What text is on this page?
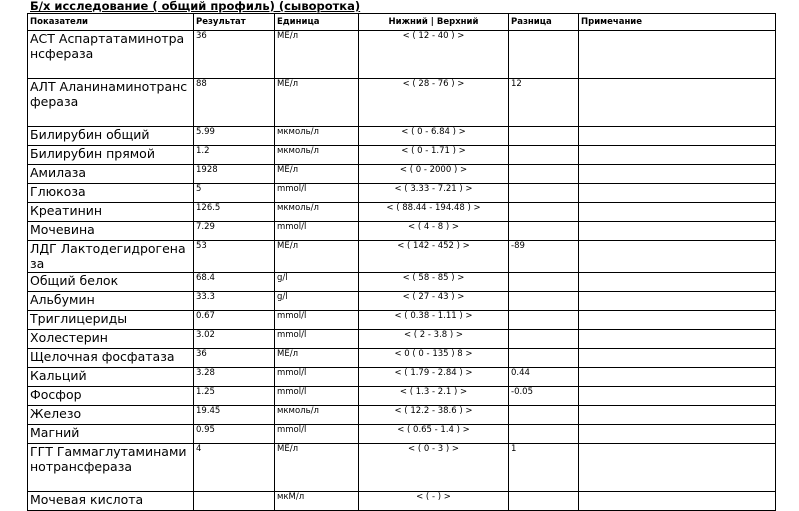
Б/х исследование ( общий профиль) (сыворотка)
Показатели	Результат	Единица	Нижний | Верхний	Разница	Примечание
АСТ Аспартатаминотрансфераза	36	МЕ/л	< ( 12 - 40 ) >		
АЛТ Аланинаминотрансфераза	88	МЕ/л	< ( 28 - 76 ) >	12	
Билирубин общий	5.99	мкмоль/л	< ( 0 - 6.84 ) >		
Билирубин прямой	1.2	мкмоль/л	< ( 0 - 1.71 ) >		
Амилаза	1928	МЕ/л	< ( 0 - 2000 ) >		
Глюкоза	5	mmol/l	< ( 3.33 - 7.21 ) >		
Креатинин	126.5	мкмоль/л	< ( 88.44 - 194.48 ) >		
Мочевина	7.29	mmol/l	< ( 4 - 8 ) >		
ЛДГ Лактодегидрогеназа	53	МЕ/л	< ( 142 - 452 ) >	-89	
Общий белок	68.4	g/l	< ( 58 - 85 ) >		
Альбумин	33.3	g/l	< ( 27 - 43 ) >		
Триглицериды	0.67	mmol/l	< ( 0.38 - 1.11 ) >		
Холестерин	3.02	mmol/l	< ( 2 - 3.8 ) >		
Щелочная фосфатаза	36	МЕ/л	< 0 ( 0 - 135 ) 8 >		
Кальций	3.28	mmol/l	< ( 1.79 - 2.84 ) >	0.44	
Фосфор	1.25	mmol/l	< ( 1.3 - 2.1 ) >	-0.05	
Железо	19.45	мкмоль/л	< ( 12.2 - 38.6 ) >		
Магний	0.95	mmol/l	< ( 0.65 - 1.4 ) >		
ГГТ Гаммаглутаминаминотрансфераза	4	МЕ/л	< ( 0 - 3 ) >	1	
Мочевая кислота		мкМ/л	< ( - ) >		
